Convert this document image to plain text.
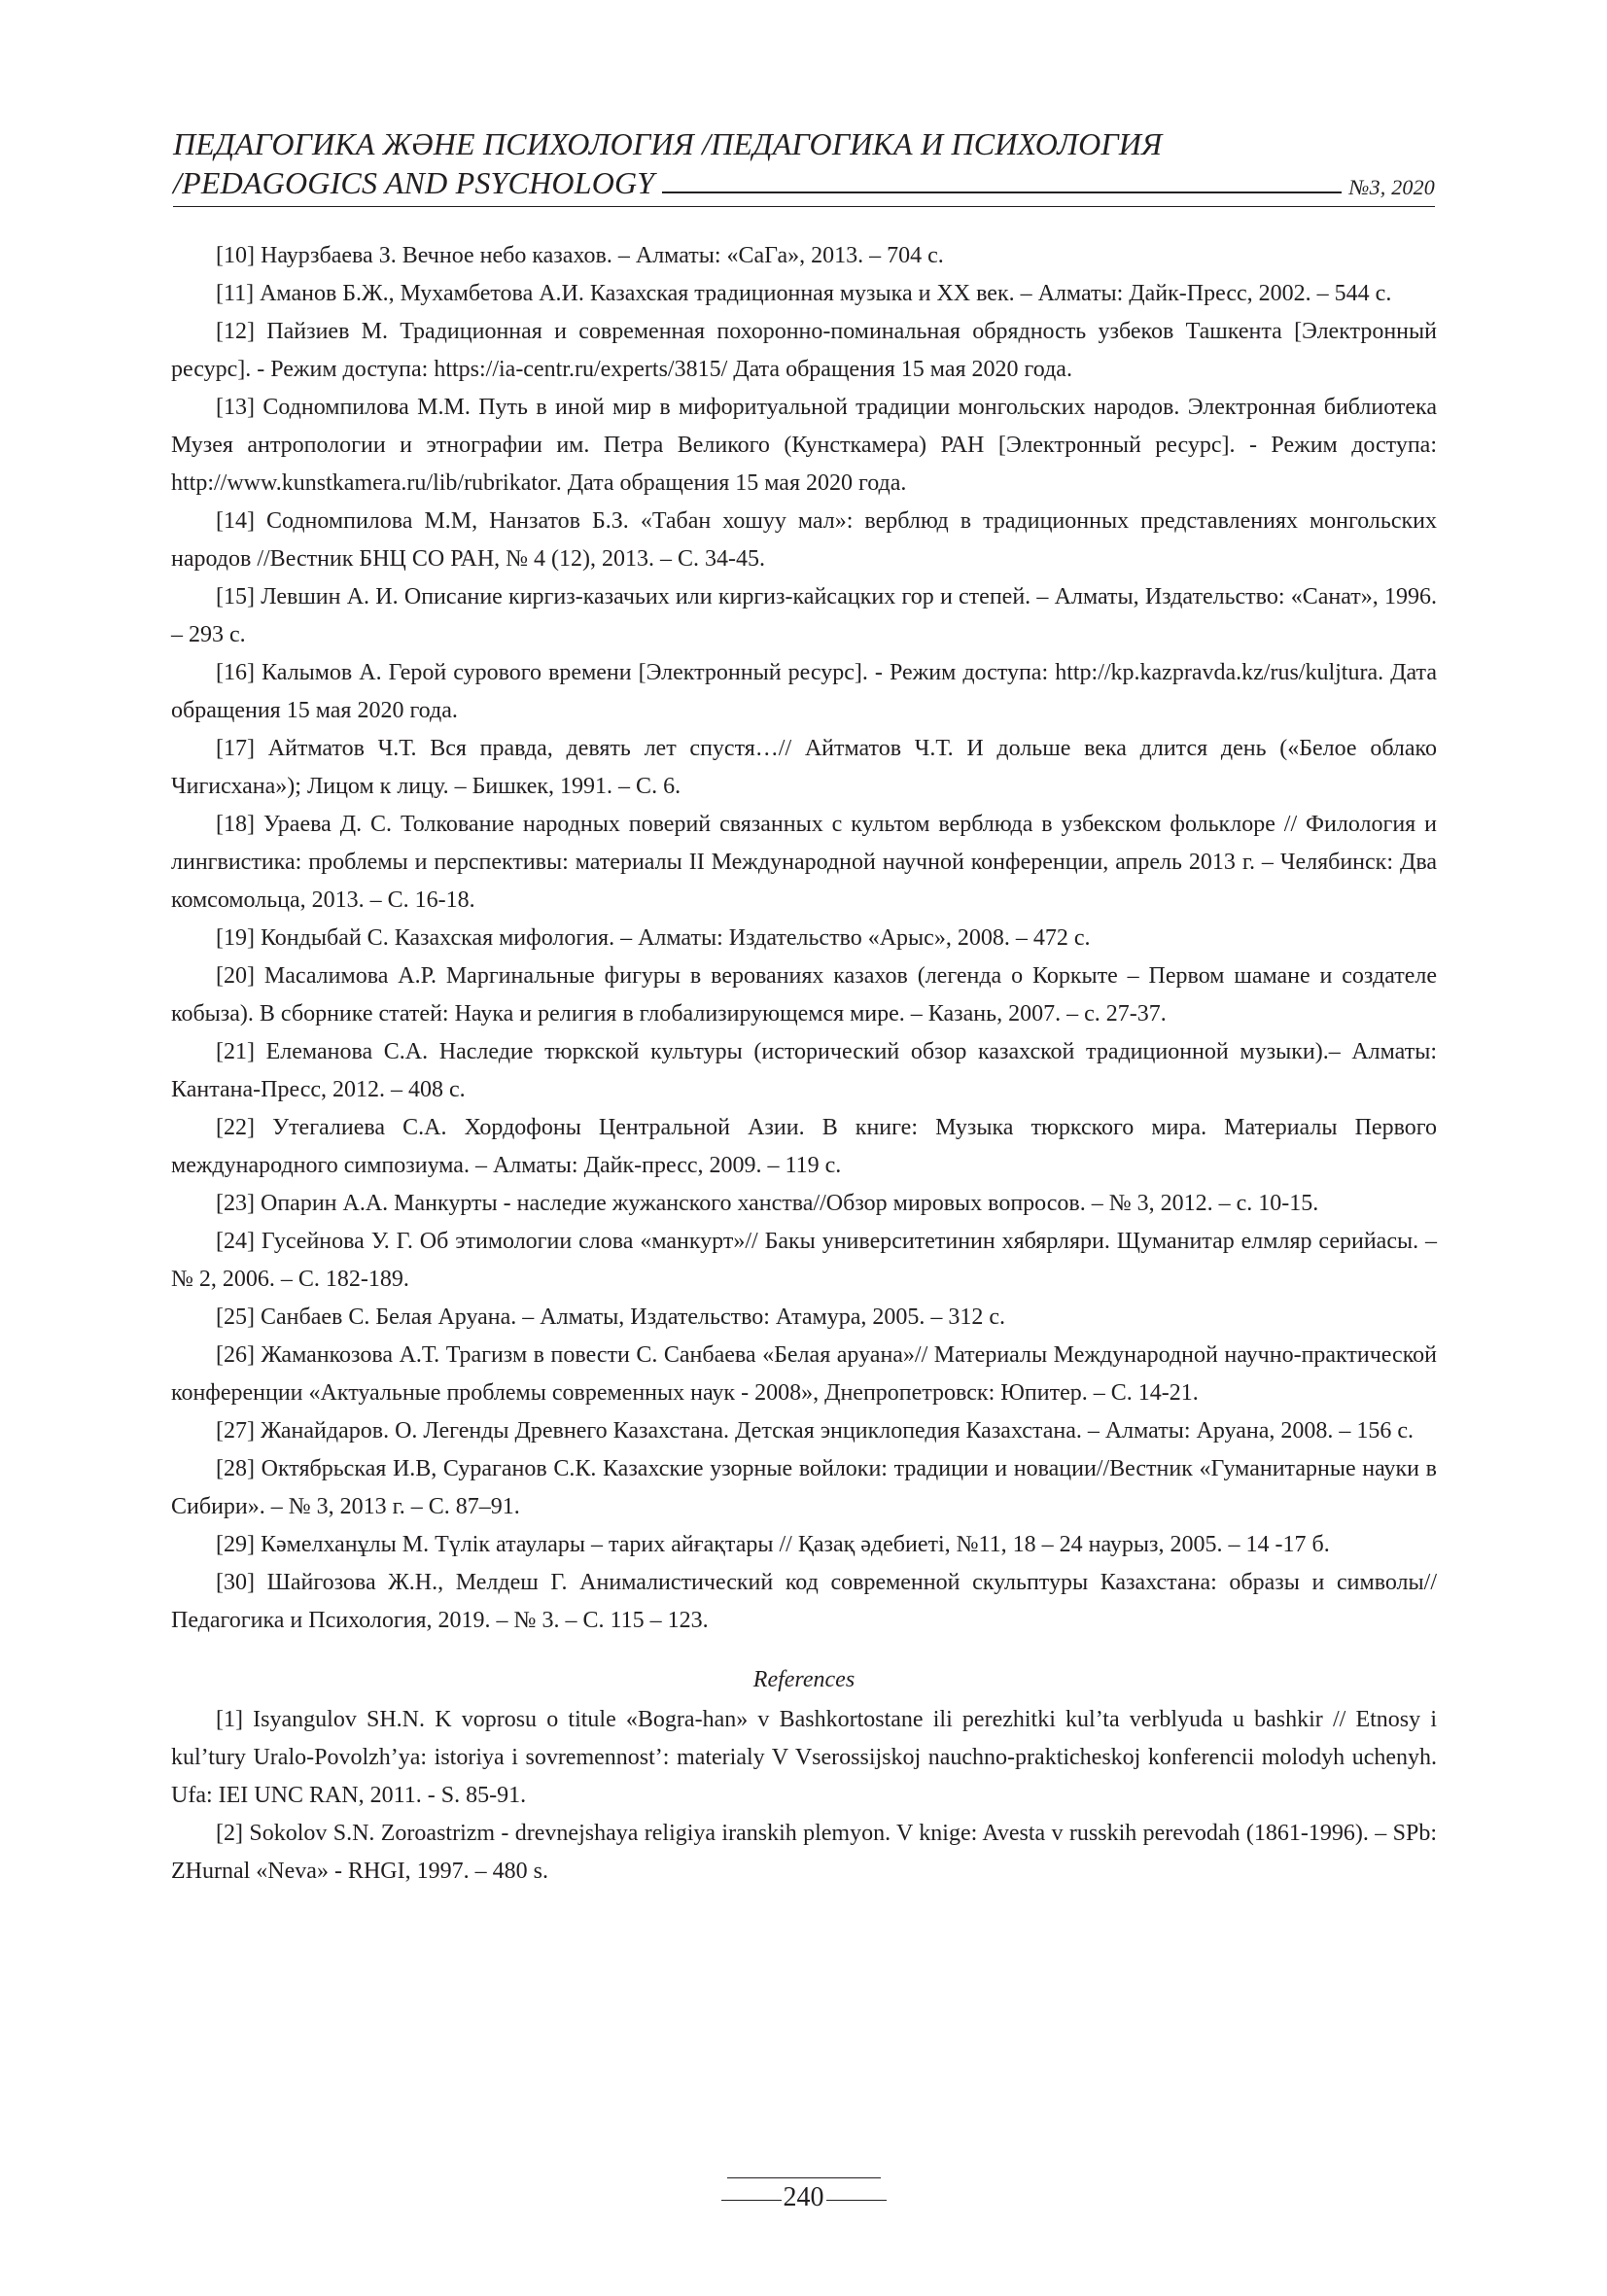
ПЕДАГОГИКА ЖӘНЕ ПСИХОЛОГИЯ /ПЕДАГОГИКА И ПСИХОЛОГИЯ
/PEDAGOGICS AND PSYCHOLOGY	№3, 2020

[10] Наурзбаева З. Вечное небо казахов. – Алматы: «СаГа», 2013. – 704 с.

[11] Аманов Б.Ж., Мухамбетова А.И. Казахская традиционная музыка и XX век. – Алматы: Дайк-Пресс, 2002. – 544 с.

[12] Пайзиев М. Традиционная и современная похоронно-поминальная обрядность узбеков Ташкента [Электронный ресурс]. - Режим доступа: https://ia-centr.ru/experts/3815/ Дата обращения 15 мая 2020 года.

[13] Содномпилова М.М. Путь в иной мир в мифоритуальной традиции монгольских народов. Электронная библиотека Музея антропологии и этнографии им. Петра Великого (Кунсткамера) РАН [Электронный ресурс]. - Режим доступа: http://www.kunstkamera.ru/lib/rubrikator. Дата обращения 15 мая 2020 года.

[14] Содномпилова М.М, Нанзатов Б.З. «Табан хошуу мал»: верблюд в традиционных представлениях монгольских народов //Вестник БНЦ СО РАН, № 4 (12), 2013. – С. 34-45.

[15] Левшин А. И. Описание киргиз-казачьих или киргиз-кайсацких гор и степей. – Алматы, Издательство: «Санат», 1996. – 293 с.

[16] Калымов А. Герой сурового времени [Электронный ресурс]. - Режим доступа: http://kp.kazpravda.kz/rus/kuljtura. Дата обращения 15 мая 2020 года.

[17] Айтматов Ч.Т. Вся правда, девять лет спустя…// Айтматов Ч.Т. И дольше века длится день («Белое облако Чигисхана»); Лицом к лицу. – Бишкек, 1991. – С. 6.

[18] Ураева Д. С. Толкование народных поверий связанных с культом верблюда в узбекском фольклоре // Филология и лингвистика: проблемы и перспективы: материалы II Международной научной конференции, апрель 2013 г. – Челябинск: Два комсомольца, 2013. – С. 16-18.

[19] Кондыбай С. Казахская мифология. – Алматы: Издательство «Арыс», 2008. – 472 с.

[20] Масалимова А.Р. Маргинальные фигуры в верованиях казахов (легенда о Коркыте – Первом шамане и создателе кобыза). В сборнике статей: Наука и религия в глобализирующемся мире. – Казань, 2007. – с. 27-37.

[21] Елеманова С.А. Наследие тюркской культуры (исторический обзор казахской традиционной музыки).– Алматы: Кантана-Пресс, 2012. – 408 с.

[22] Утегалиева С.А. Хордофоны Центральной Азии. В книге: Музыка тюркского мира. Материалы Первого международного симпозиума. – Алматы: Дайк-пресс, 2009. – 119 с.

[23] Опарин А.А. Манкурты - наследие жужанского ханства//Обзор мировых вопросов. – № 3, 2012. – с. 10-15.

[24] Гусейнова У. Г. Об этимологии слова «манкурт»// Бакы университетинин хябярляри. Щуманитар елмляр серийасы. – № 2, 2006. – С. 182-189.

[25] Санбаев С. Белая Аруана. – Алматы, Издательство: Атамура, 2005. – 312 с.

[26] Жаманкозова А.Т. Трагизм в повести С. Санбаева «Белая аруана»// Материалы Международной научно-практической конференции «Актуальные проблемы современных наук - 2008», Днепропетровск: Юпитер. – С. 14-21.

[27] Жанайдаров. О. Легенды Древнего Казахстана. Детская энциклопедия Казахстана. – Алматы: Аруана, 2008. – 156 с.

[28] Октябрьская И.В, Сураганов С.К. Казахские узорные войлоки: традиции и новации//Вестник «Гуманитарные науки в Сибири». – № 3, 2013 г. – С. 87–91.

[29] Кәмелханұлы М. Түлік атаулары – тарих айғақтары // Қазақ әдебиеті, №11, 18 – 24 наурыз, 2005. – 14 -17 б.

[30] Шайгозова Ж.Н., Мелдеш Г. Анималистический код современной скульптуры Казахстана: образы и символы// Педагогика и Психология, 2019. – № 3. – С. 115 – 123.

References

[1] Isyangulov SH.N. K voprosu o titule «Bogra-han» v Bashkortostane ili perezhitki kul’ta verblyuda u bashkir // Etnosy i kul’tury Uralo-Povolzh’ya: istoriya i sovremennost’: materialy V Vserossijskoj nauchno-prakticheskoj konferencii molodyh uchenyh. Ufa: IEI UNC RAN, 2011. - S. 85-91.

[2] Sokolov S.N. Zoroastrizm - drevnejshaya religiya iranskih plemyon. V knige: Avesta v russkih perevodah (1861-1996). – SPb: ZHurnal «Neva» - RHGI, 1997. – 480 s.

240
